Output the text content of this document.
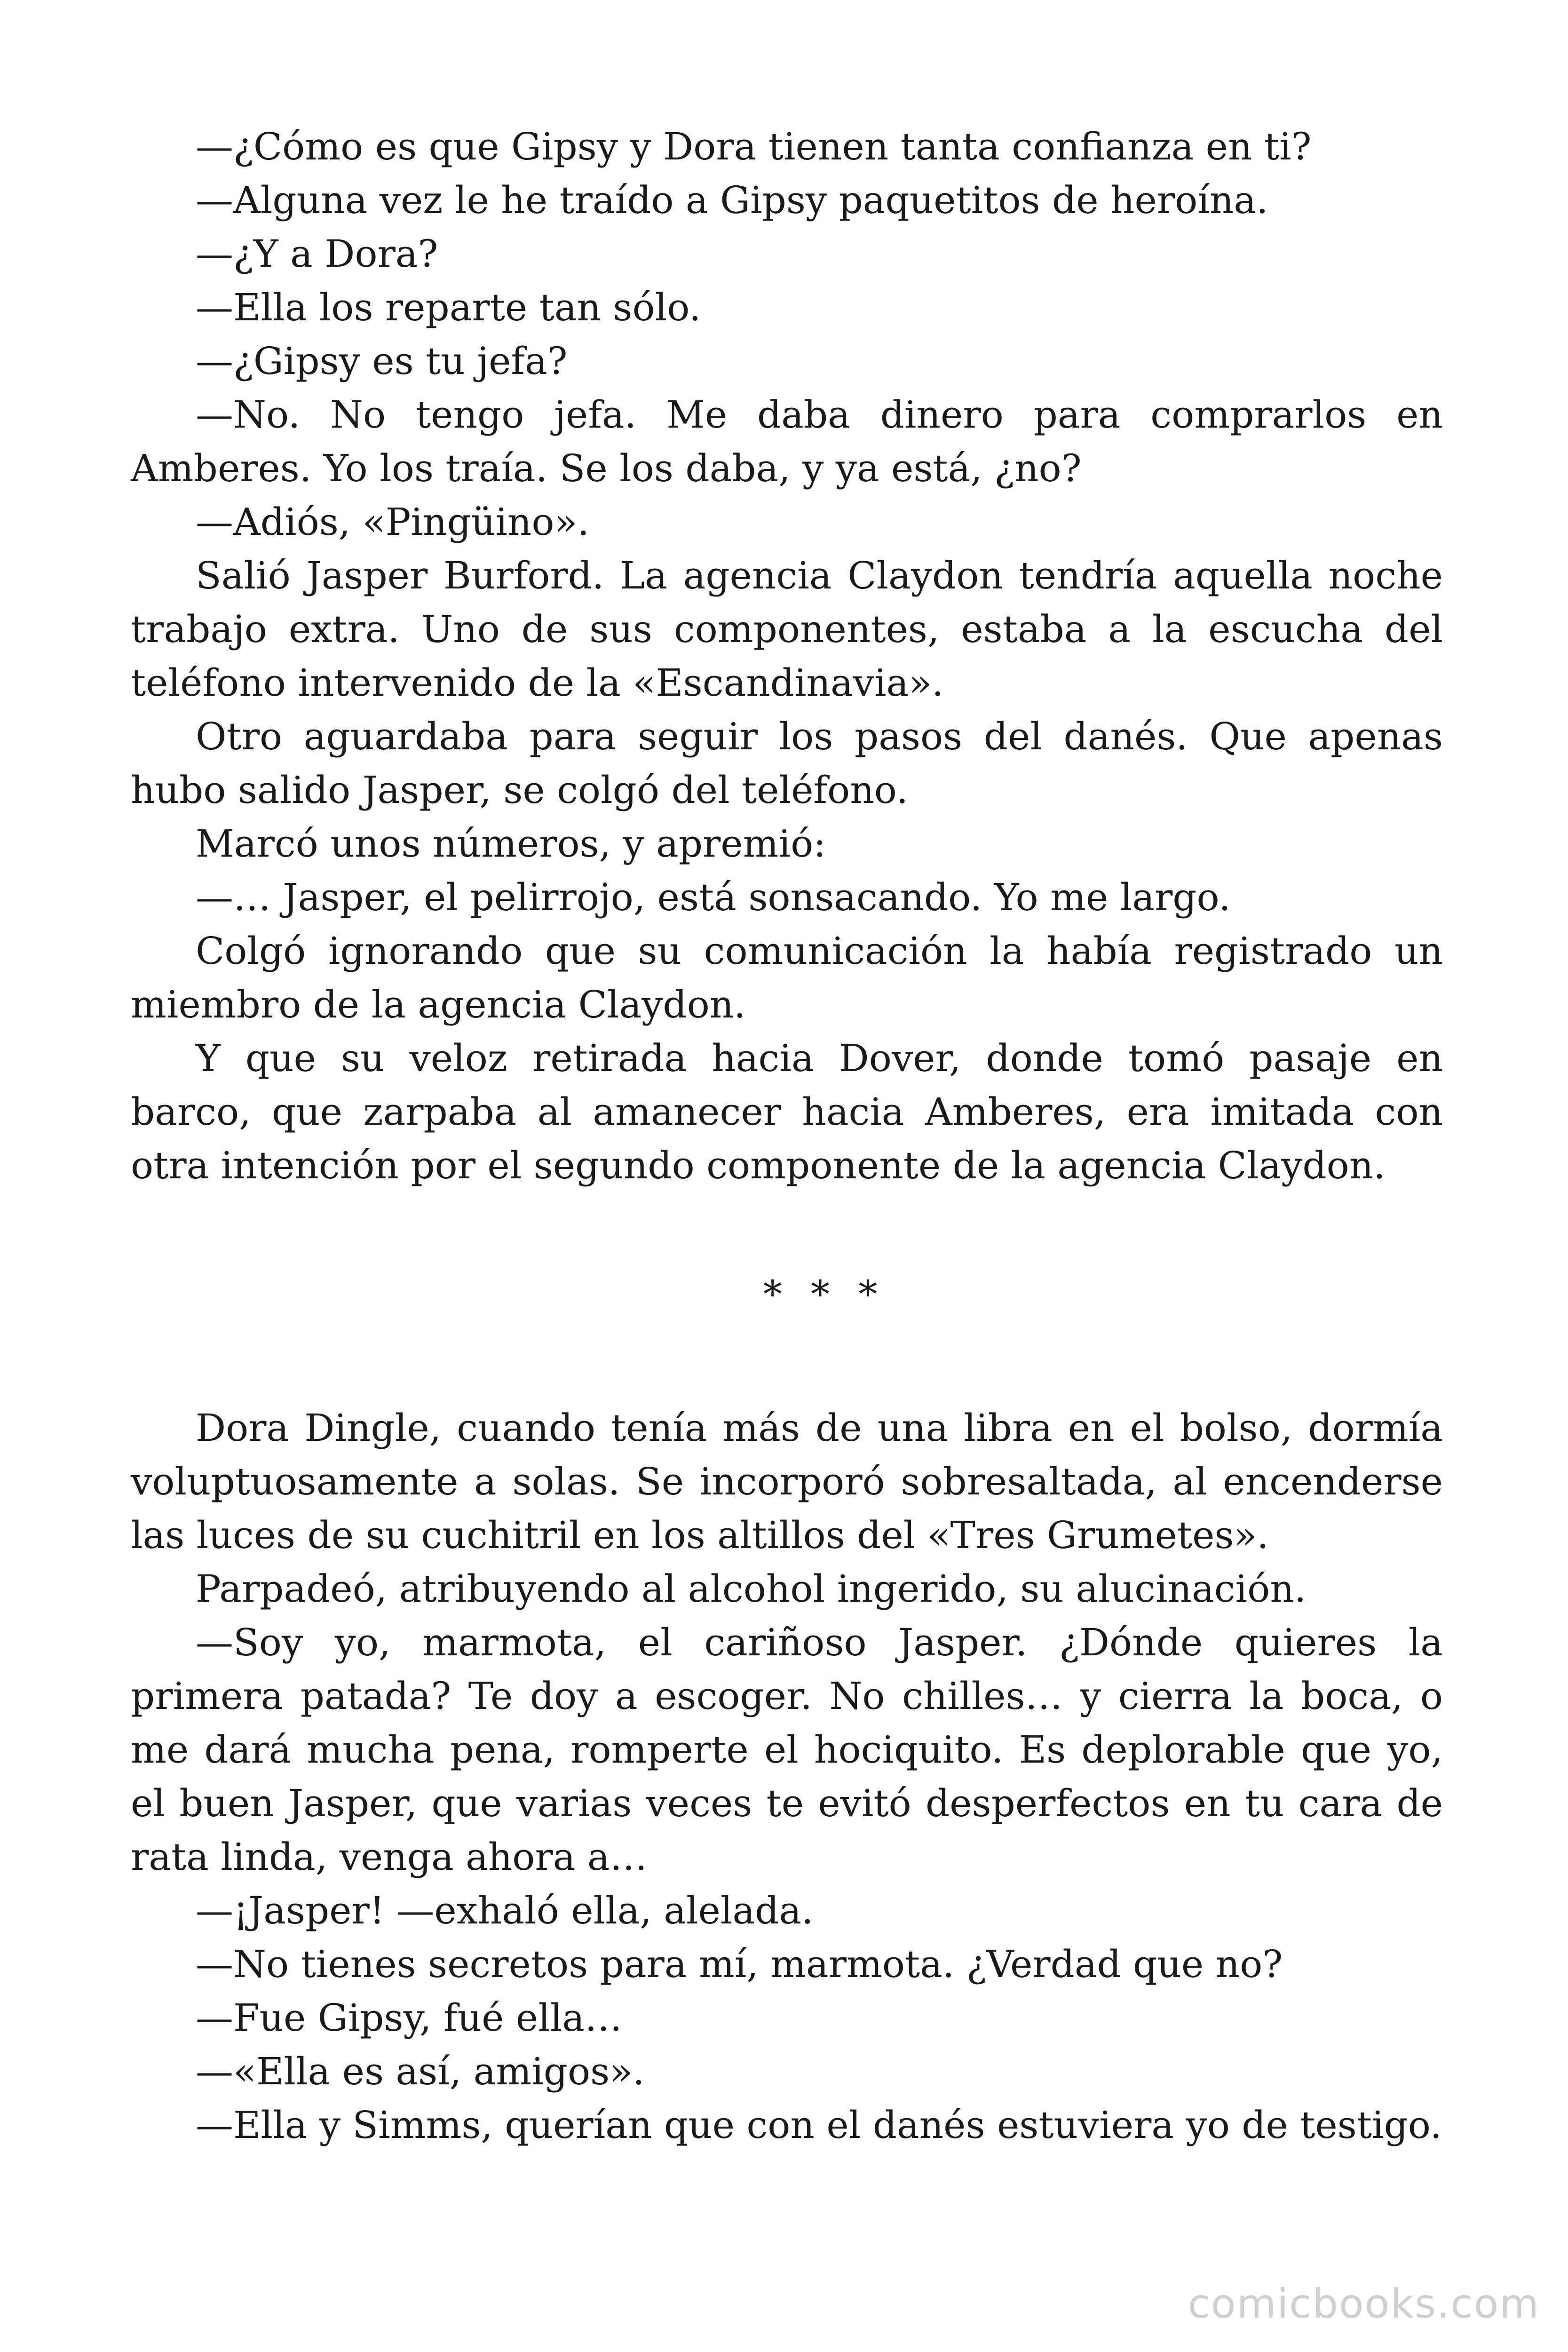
—¿Cómo es que Gipsy y Dora tienen tanta confianza en ti?

—Alguna vez le he traído a Gipsy paquetitos de heroína.

—¿Y a Dora?

—Ella los reparte tan sólo.

—¿Gipsy es tu jefa?

—No. No tengo jefa. Me daba dinero para comprarlos en Amberes. Yo los traía. Se los daba, y ya está, ¿no?

—Adiós, «Pingüino».

Salió Jasper Burford. La agencia Claydon tendría aquella noche trabajo extra. Uno de sus componentes, estaba a la escucha del teléfono intervenido de la «Escandinavia».

Otro aguardaba para seguir los pasos del danés. Que apenas hubo salido Jasper, se colgó del teléfono.

Marcó unos números, y apremió:

—… Jasper, el pelirrojo, está sonsacando. Yo me largo.

Colgó ignorando que su comunicación la había registrado un miembro de la agencia Claydon.

Y que su veloz retirada hacia Dover, donde tomó pasaje en barco, que zarpaba al amanecer hacia Amberes, era imitada con otra intención por el segundo componente de la agencia Claydon.

* * *

Dora Dingle, cuando tenía más de una libra en el bolso, dormía voluptuosamente a solas. Se incorporó sobresaltada, al encenderse las luces de su cuchitril en los altillos del «Tres Grumetes».

Parpadeó, atribuyendo al alcohol ingerido, su alucinación.

—Soy yo, marmota, el cariñoso Jasper. ¿Dónde quieres la primera patada? Te doy a escoger. No chilles… y cierra la boca, o me dará mucha pena, romperte el hociquito. Es deplorable que yo, el buen Jasper, que varias veces te evitó desperfectos en tu cara de rata linda, venga ahora a…

—¡Jasper! —exhaló ella, alelada.

—No tienes secretos para mí, marmota. ¿Verdad que no?

—Fue Gipsy, fué ella…

—«Ella es así, amigos».

—Ella y Simms, querían que con el danés estuviera yo de testigo.

comicbooks.com
